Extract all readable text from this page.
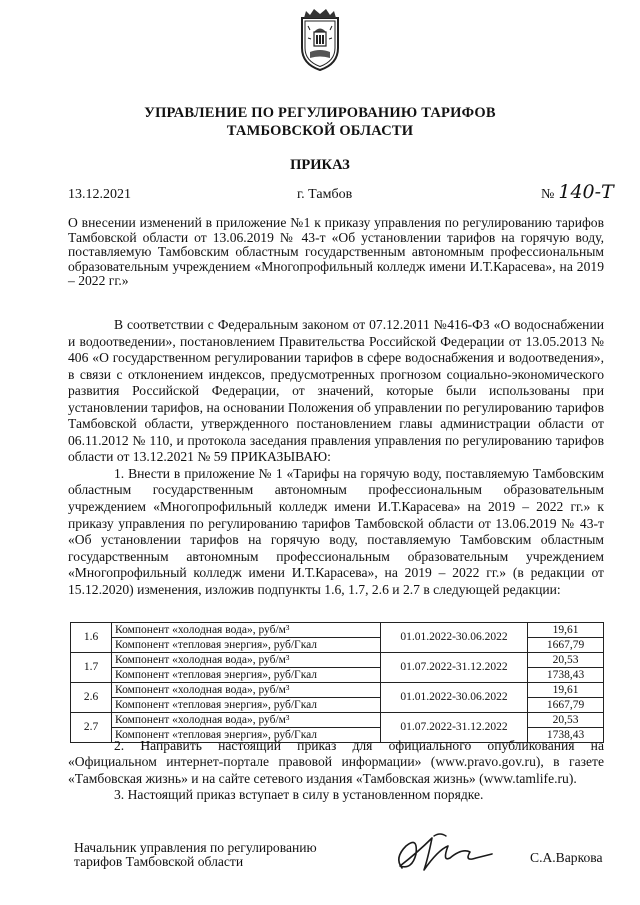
УПРАВЛЕНИЕ ПО РЕГУЛИРОВАНИЮ ТАРИФОВ
ТАМБОВСКОЙ ОБЛАСТИ
ПРИКАЗ
13.12.2021	г. Тамбов	№ 140-Т
О внесении изменений в приложение №1 к приказу управления по регулированию тарифов Тамбовской области от 13.06.2019 № 43-т «Об установлении тарифов на горячую воду, поставляемую Тамбовским областным государственным автономным профессиональным образовательным учреждением «Многопрофильный колледж имени И.Т.Карасева», на 2019 – 2022 гг.»

В соответствии с Федеральным законом от 07.12.2011 №416-ФЗ «О водоснабжении и водоотведении», постановлением Правительства Российской Федерации от 13.05.2013 № 406 «О государственном регулировании тарифов в сфере водоснабжения и водоотведения», в связи с отклонением индексов, предусмотренных прогнозом социально-экономического развития Российской Федерации, от значений, которые были использованы при установлении тарифов, на основании Положения об управлении по регулированию тарифов Тамбовской области, утвержденного постановлением главы администрации области от 06.11.2012 № 110, и протокола заседания правления управления по регулированию тарифов области от 13.12.2021 № 59 ПРИКАЗЫВАЮ:

1. Внести в приложение № 1 «Тарифы на горячую воду, поставляемую Тамбовским областным государственным автономным профессиональным образовательным учреждением «Многопрофильный колледж имени И.Т.Карасева» на 2019 – 2022 гг.» к приказу управления по регулированию тарифов Тамбовской области от 13.06.2019 № 43-т «Об установлении тарифов на горячую воду, поставляемую Тамбовским областным государственным автономным профессиональным образовательным учреждением «Многопрофильный колледж имени И.Т.Карасева», на 2019 – 2022 гг.» (в редакции от 15.12.2020) изменения, изложив подпункты 1.6, 1.7, 2.6 и 2.7 в следующей редакции:

1.6	Компонент «холодная вода», руб/м³	01.01.2022-30.06.2022	19,61
	Компонент «тепловая энергия», руб/Гкал		1667,79
1.7	Компонент «холодная вода», руб/м³	01.07.2022-31.12.2022	20,53
	Компонент «тепловая энергия», руб/Гкал		1738,43
2.6	Компонент «холодная вода», руб/м³	01.01.2022-30.06.2022	19,61
	Компонент «тепловая энергия», руб/Гкал		1667,79
2.7	Компонент «холодная вода», руб/м³	01.07.2022-31.12.2022	20,53
	Компонент «тепловая энергия», руб/Гкал		1738,43

2. Направить настоящий приказ для официального опубликования на «Официальном интернет-портале правовой информации» (www.pravo.gov.ru), в газете «Тамбовская жизнь» и на сайте сетевого издания «Тамбовская жизнь» (www.tamlife.ru).

3. Настоящий приказ вступает в силу в установленном порядке.

Начальник управления по регулированию
тарифов Тамбовской области	С.А.Варкова
